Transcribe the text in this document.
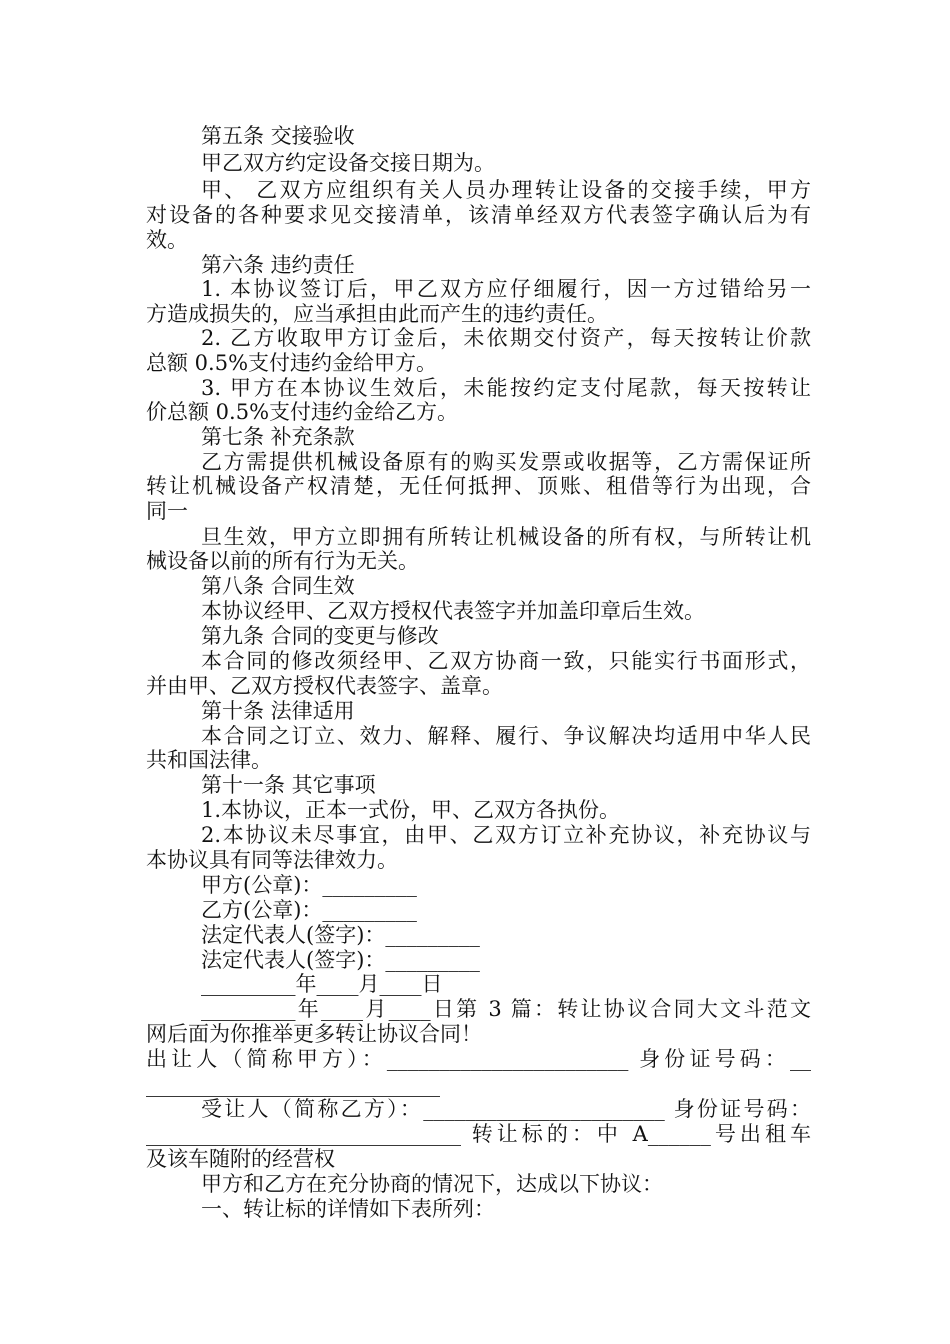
第五条 交接验收
甲乙双方约定设备交接日期为。
甲、 乙双方应组织有关人员办理转让设备的交接手续，甲方
对设备的各种要求见交接清单，该清单经双方代表签字确认后为有
效。
第六条 违约责任
1. 本协议签订后，甲乙双方应仔细履行，因一方过错给另一
方造成损失的，应当承担由此而产生的违约责任。
2. 乙方收取甲方订金后，未依期交付资产，每天按转让价款
总额 0.5%支付违约金给甲方。
3. 甲方在本协议生效后，未能按约定支付尾款，每天按转让
价总额 0.5%支付违约金给乙方。
第七条 补充条款
乙方需提供机械设备原有的购买发票或收据等，乙方需保证所
转让机械设备产权清楚，无任何抵押、顶账、租借等行为出现，合
同一
旦生效，甲方立即拥有所转让机械设备的所有权，与所转让机
械设备以前的所有行为无关。
第八条 合同生效
本协议经甲、乙双方授权代表签字并加盖印章后生效。
第九条 合同的变更与修改
本合同的修改须经甲、乙双方协商一致，只能实行书面形式，
并由甲、乙双方授权代表签字、盖章。
第十条 法律适用
本合同之订立、效力、解释、履行、争议解决均适用中华人民
共和国法律。
第十一条 其它事项
1.本协议，正本一式份，甲、乙双方各执份。
2.本协议未尽事宜，由甲、乙双方订立补充协议，补充协议与
本协议具有同等法律效力。
甲方(公章)：_________
乙方(公章)：_________
法定代表人(签字)：_________
法定代表人(签字)：_________
_________年____月____日
_________年____月____日第 3 篇：转让协议合同大文斗范文
网后面为你推举更多转让协议合同！
出让人（简称甲方）：_______________________ 身份证号码：__
____________________________
受让人（简称乙方）：_______________________ 身份证号码：
______________________________ 转让标的：中 A______号出租车
及该车随附的经营权
甲方和乙方在充分协商的情况下，达成以下协议：
一、转让标的详情如下表所列：
